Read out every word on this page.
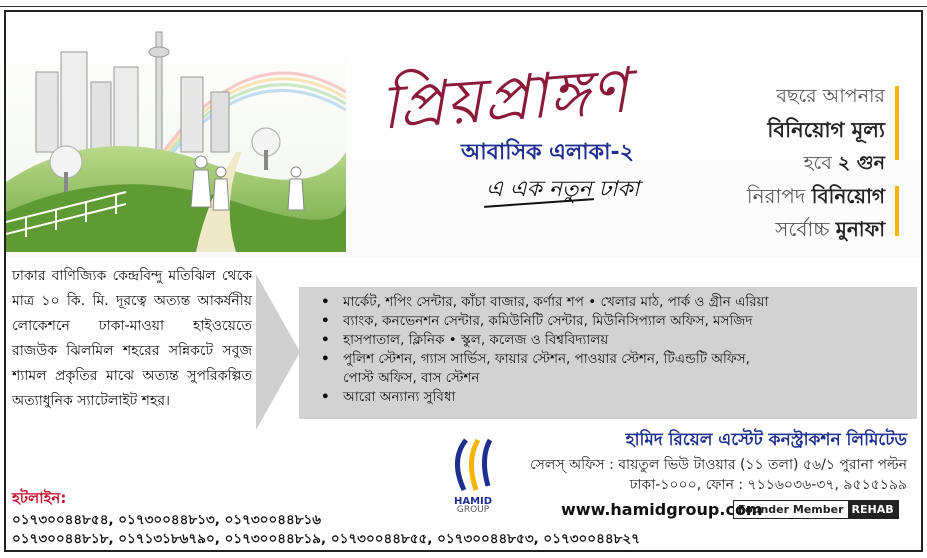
প্রিয়প্রাঙ্গণ
আবাসিক এলাকা-২
এ এক নতুন ঢাকা
বছরে আপনার
বিনিয়োগ মূল্য
হবে ২ গুন
নিরাপদ বিনিয়োগ
সর্বোচ্চ মুনাফা
ঢাকার বাণিজ্যিক কেন্দ্রবিন্দু মতিঝিল থেকে মাত্র ১০ কি. মি. দূরত্বে অত্যন্ত আকর্ষনীয় লোকেশনে ঢাকা-মাওয়া হাইওয়েতে রাজউক ঝিলমিল শহরের সন্নিকটে সবুজ শ্যামল প্রকৃতির মাঝে অত্যন্ত সুপরিকল্পিত অত্যাধুনিক স্যাটেলাইট শহর।
• মার্কেট, শপিং সেন্টার, কাঁচা বাজার, কর্ণার শপ • খেলার মাঠ, পার্ক ও গ্রীন এরিয়া
• ব্যাংক, কনভেনশন সেন্টার, কমিউনিটি সেন্টার, মিউনিসিপ্যাল অফিস, মসজিদ
• হাসপাতাল, ক্লিনিক • স্কুল, কলেজ ও বিশ্ববিদ্যালয়
• পুলিশ স্টেশন, গ্যাস সার্ভিস, ফায়ার স্টেশন, পাওয়ার স্টেশন, টিএন্ডটি অফিস,
পোস্ট অফিস, বাস স্টেশন
• আরো অন্যান্য সুবিধা
HAMID
GROUP
হামিদ রিয়েল এস্টেট কনস্ট্রাকশন লিমিটেড
সেলস্ অফিস : বায়তুল ভিউ টাওয়ার (১১ তলা) ৫৬/১ পুরানা পল্টন
ঢাকা-১০০০, ফোন : ৭১১৬০৩৬-৩৭, ৯৫১৫১৯৯
www.hamidgroup.com
Founder Member REHAB
হটলাইন:
০১৭৩০০৪৪৮৫৪, ০১৭৩০০৪৪৮১৩, ০১৭৩০০৪৪৮১৬
০১৭৩০০৪৪৮১৮, ০১৭১৩১৮৬৭৯০, ০১৭৩০০৪৪৮১৯, ০১৭৩০০৪৪৮৫৫, ০১৭৩০০৪৪৮৫৩, ০১৭৩০০৪৪৮২৭
